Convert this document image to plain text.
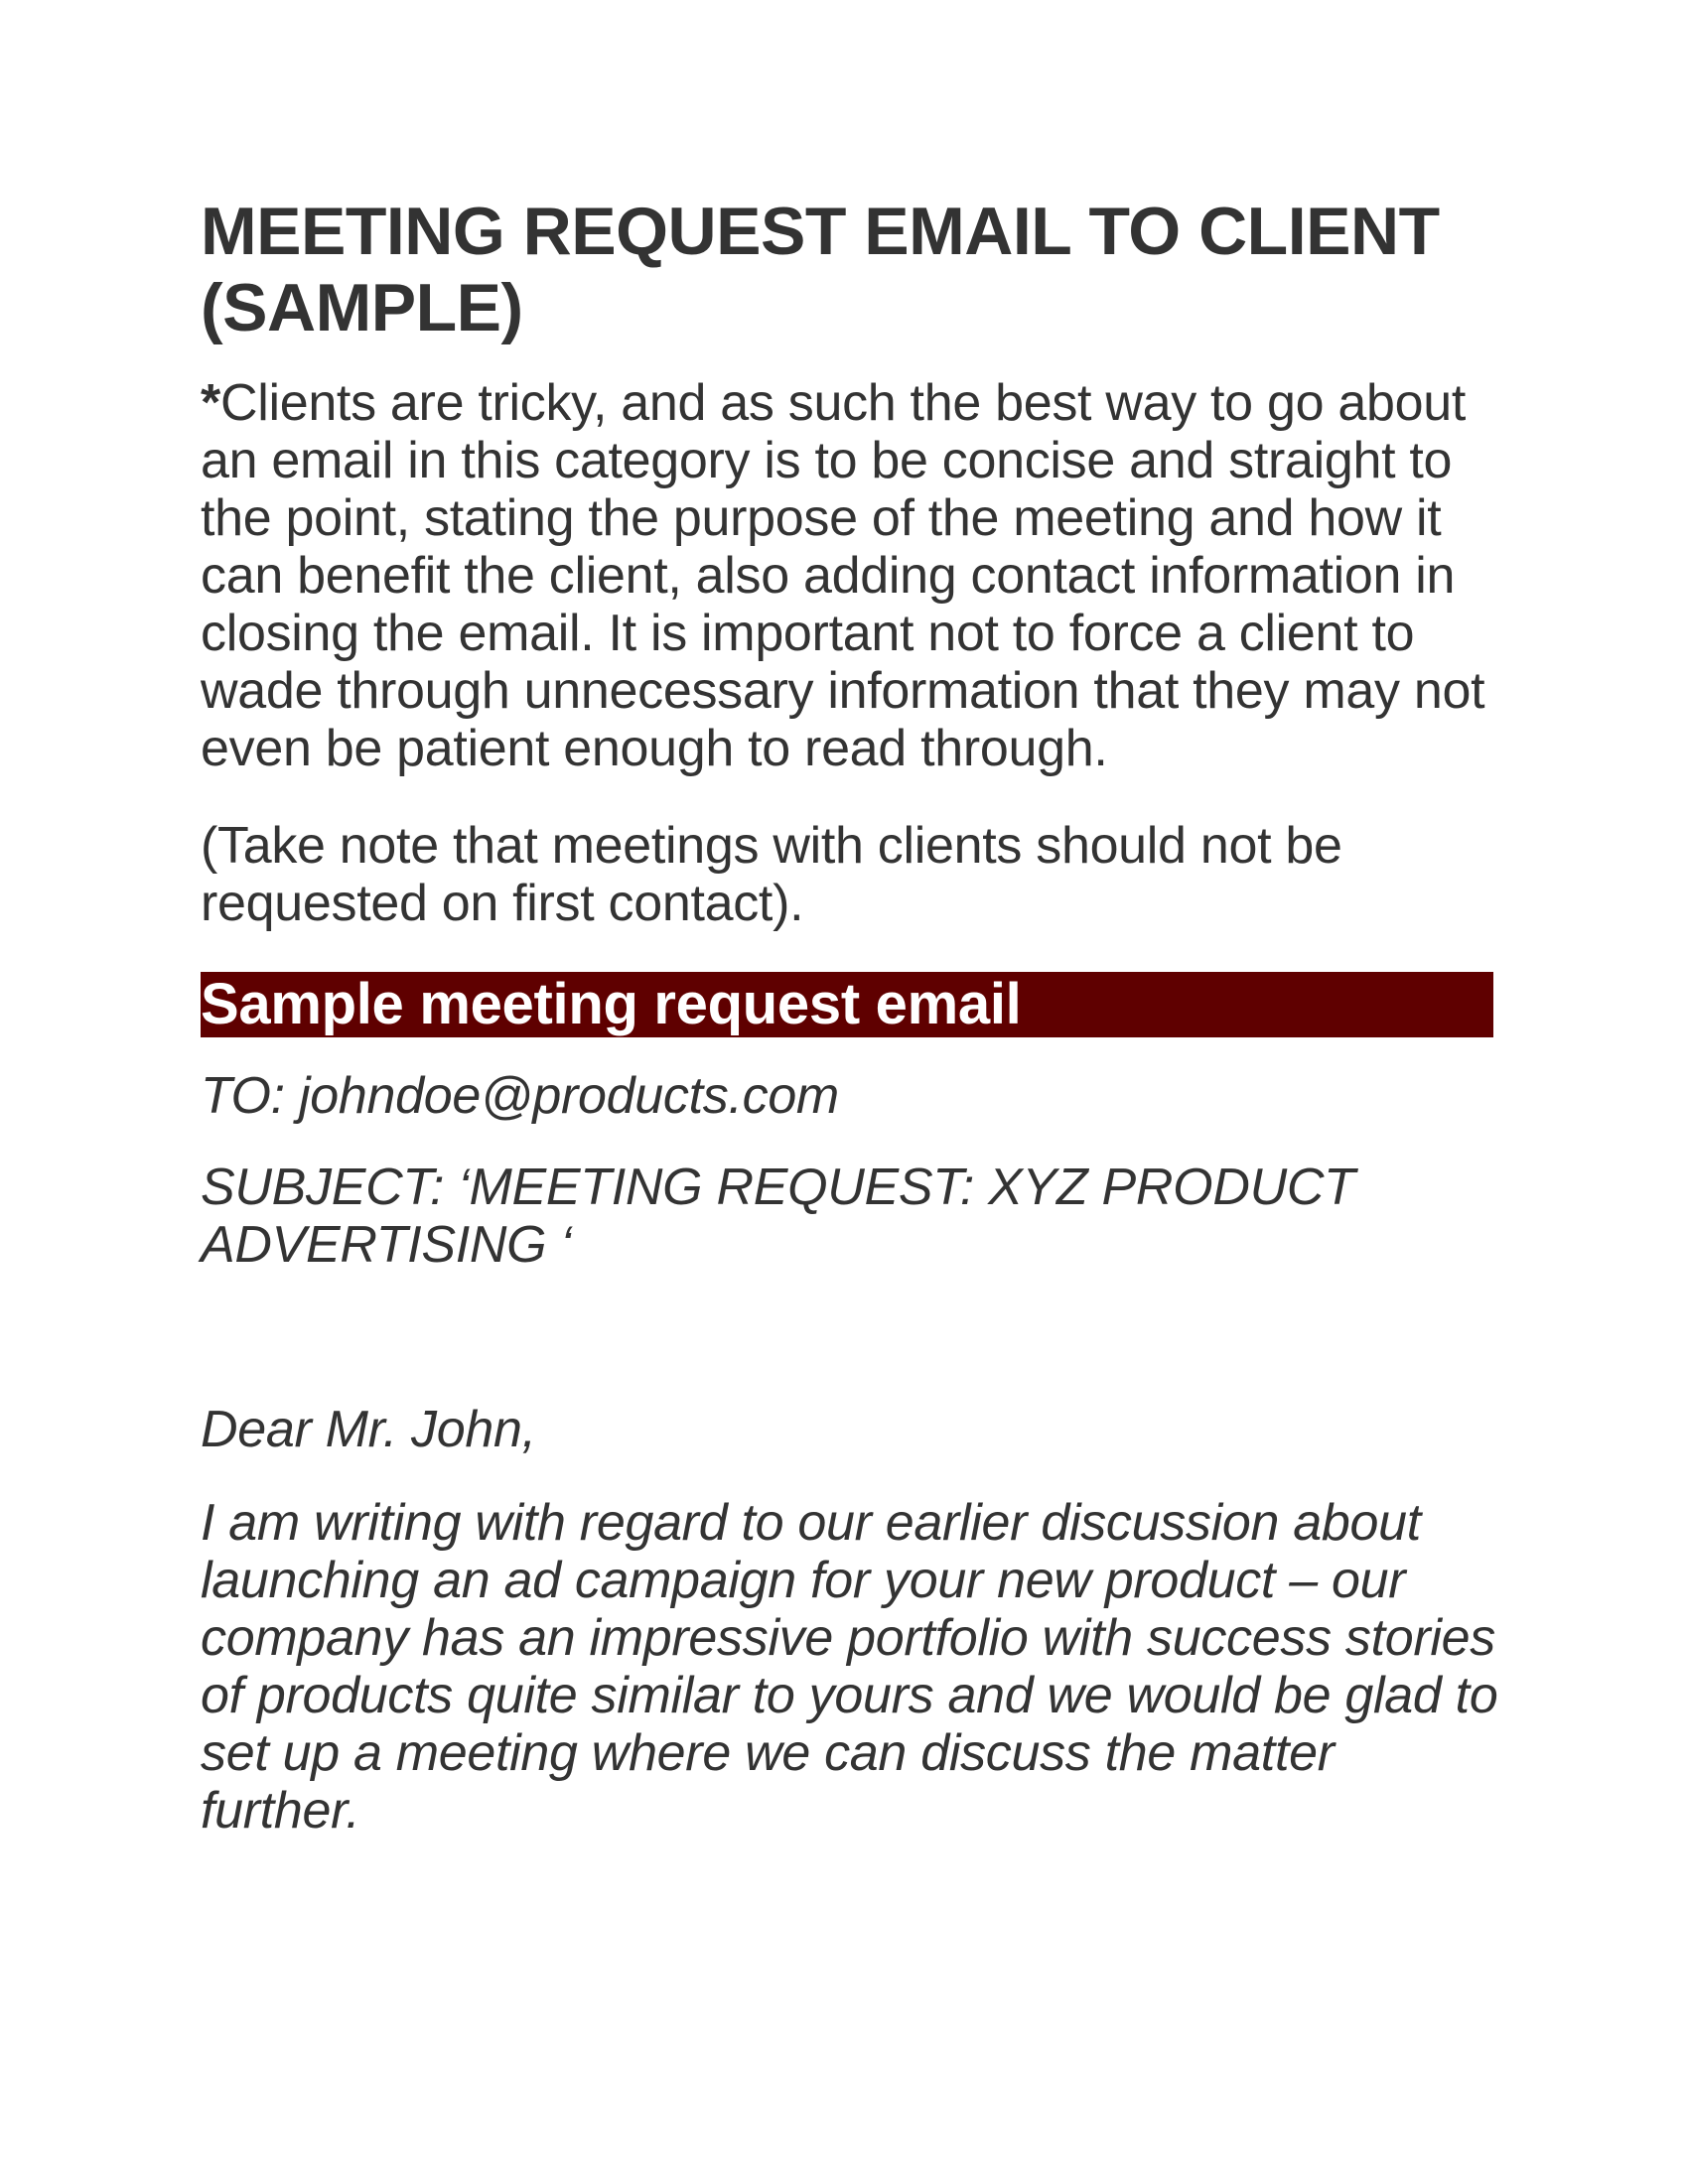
MEETING REQUEST EMAIL TO CLIENT (SAMPLE)

*Clients are tricky, and as such the best way to go about an email in this category is to be concise and straight to the point, stating the purpose of the meeting and how it can benefit the client, also adding contact information in closing the email. It is important not to force a client to wade through unnecessary information that they may not even be patient enough to read through.

(Take note that meetings with clients should not be requested on first contact).

Sample meeting request email

TO: johndoe@products.com

SUBJECT: ‘MEETING REQUEST: XYZ PRODUCT ADVERTISING ‘

Dear Mr. John,

I am writing with regard to our earlier discussion about launching an ad campaign for your new product – our company has an impressive portfolio with success stories of products quite similar to yours and we would be glad to set up a meeting where we can discuss the matter further.
